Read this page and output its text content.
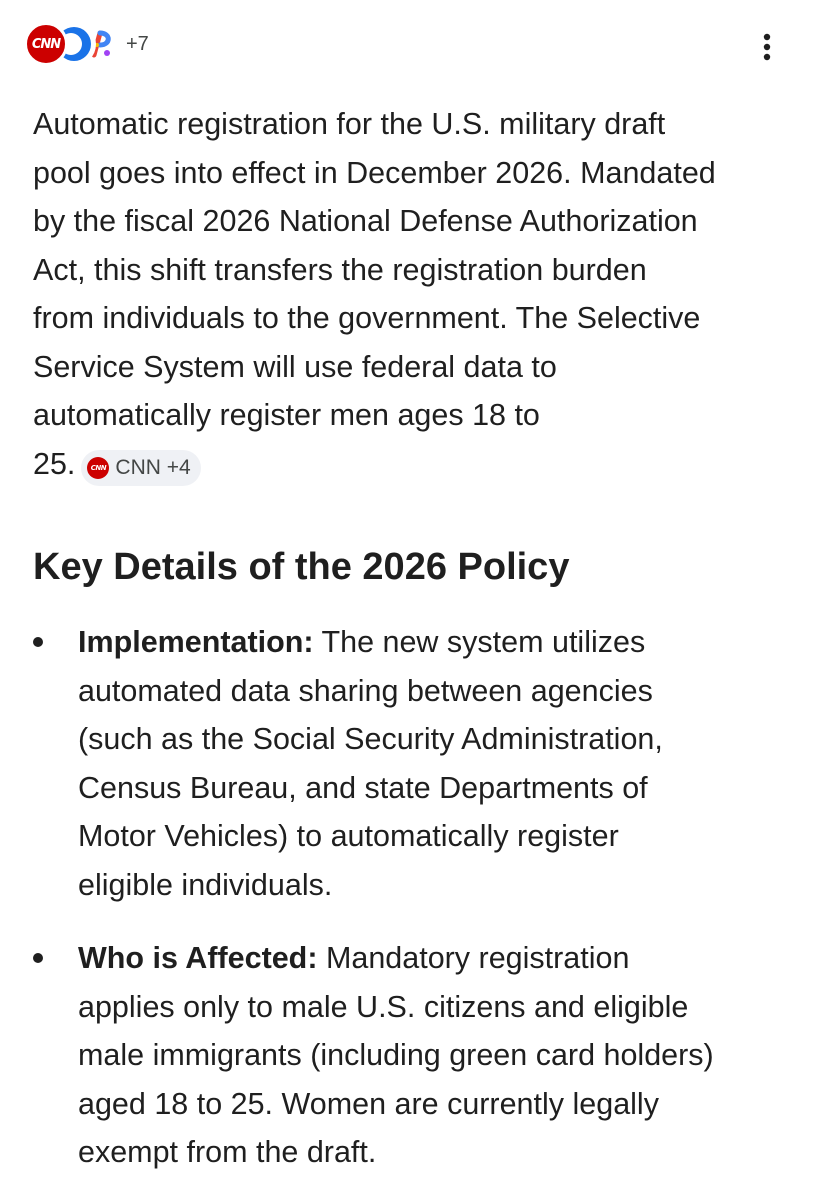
CNN	+7
Automatic registration for the U.S. military draft
pool goes into effect in December 2026. Mandated
by the fiscal 2026 National Defense Authorization
Act, this shift transfers the registration burden
from individuals to the government. The Selective
Service System will use federal data to
automatically register men ages 18 to
25. CNN CNN +4
Key Details of the 2026 Policy
Implementation: The new system utilizes
automated data sharing between agencies
(such as the Social Security Administration,
Census Bureau, and state Departments of
Motor Vehicles) to automatically register
eligible individuals.
Who is Affected: Mandatory registration
applies only to male U.S. citizens and eligible
male immigrants (including green card holders)
aged 18 to 25. Women are currently legally
exempt from the draft.
